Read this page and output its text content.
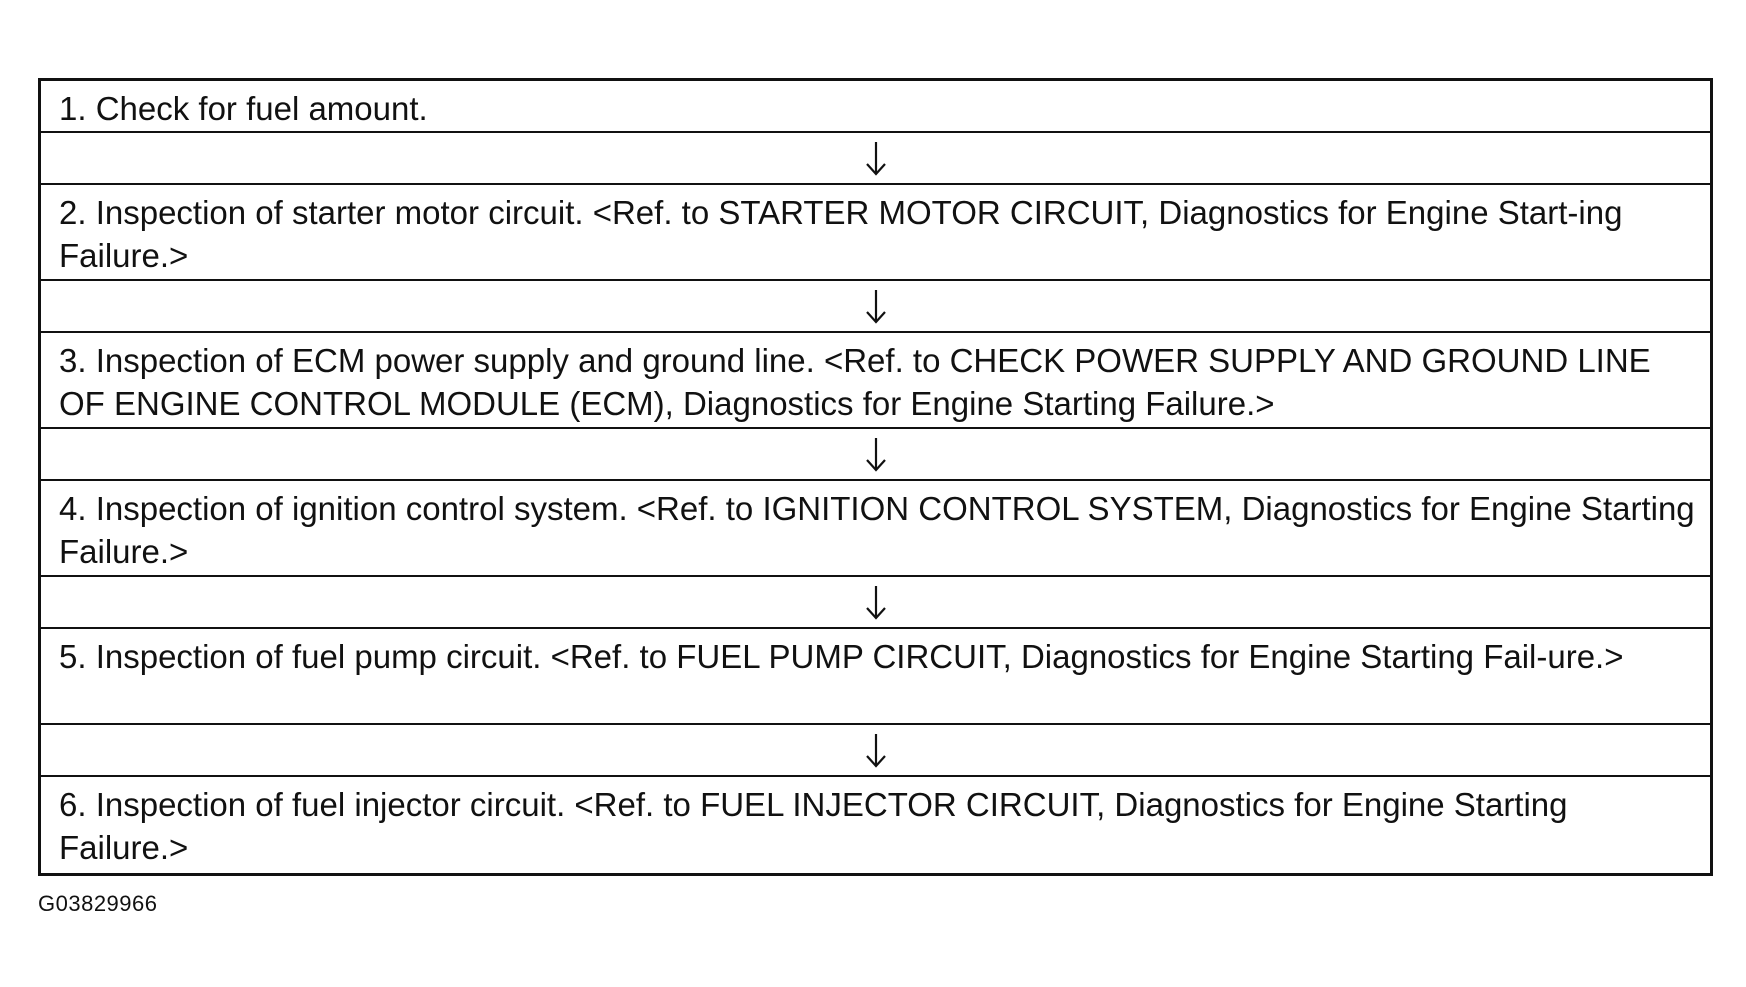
1. Check for fuel amount.
2. Inspection of starter motor circuit. <Ref. to STARTER MOTOR CIRCUIT, Diagnostics for Engine Start-ing Failure.>
3. Inspection of ECM power supply and ground line. <Ref. to CHECK POWER SUPPLY AND GROUND LINE OF ENGINE CONTROL MODULE (ECM), Diagnostics for Engine Starting Failure.>
4. Inspection of ignition control system. <Ref. to IGNITION CONTROL SYSTEM, Diagnostics for Engine Starting Failure.>
5. Inspection of fuel pump circuit. <Ref. to FUEL PUMP CIRCUIT, Diagnostics for Engine Starting Fail-ure.>
6. Inspection of fuel injector circuit. <Ref. to FUEL INJECTOR CIRCUIT, Diagnostics for Engine Starting Failure.>
G03829966
